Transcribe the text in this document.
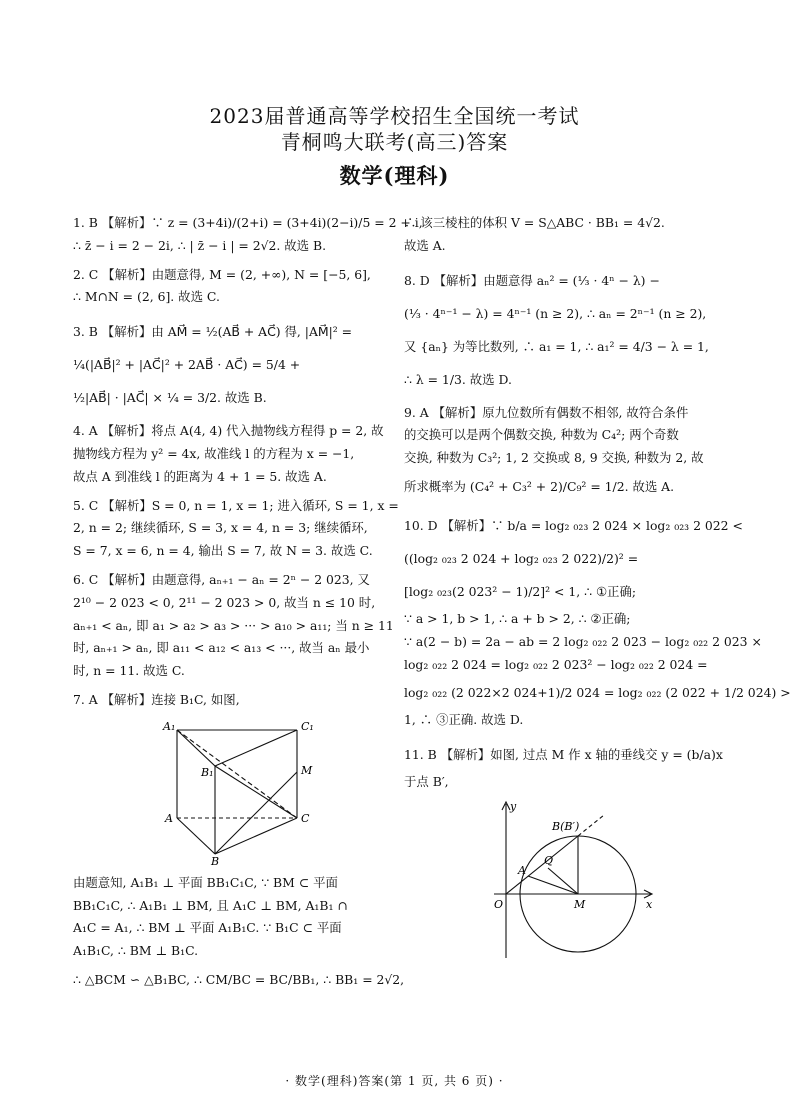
2023届普通高等学校招生全国统一考试
青桐鸣大联考(高三)答案
数学(理科)
1. B 【解析】∵ z = (3+4i)/(2+i) = (3+4i)(2−i)/5 = 2 + i,
∴ z̄ − i = 2 − 2i, ∴ | z̄ − i | = 2√2. 故选 B.
2. C 【解析】由题意得, M = (2, +∞), N = [−5, 6],
∴ M∩N = (2, 6]. 故选 C.
3. B 【解析】由 AM⃗ = ½(AB⃗ + AC⃗) 得, |AM⃗|² =
¼(|AB⃗|² + |AC⃗|² + 2AB⃗ · AC⃗) = 5/4 +
½|AB⃗| · |AC⃗| × ¼ = 3/2. 故选 B.
4. A 【解析】将点 A(4, 4) 代入抛物线方程得 p = 2, 故
抛物线方程为 y² = 4x, 故准线 l 的方程为 x = −1,
故点 A 到准线 l 的距离为 4 + 1 = 5. 故选 A.
5. C 【解析】S = 0, n = 1, x = 1; 进入循环, S = 1, x =
2, n = 2; 继续循环, S = 3, x = 4, n = 3; 继续循环,
S = 7, x = 6, n = 4, 输出 S = 7, 故 N = 3. 故选 C.
6. C 【解析】由题意得, aₙ₊₁ − aₙ = 2ⁿ − 2 023, 又
2¹⁰ − 2 023 < 0, 2¹¹ − 2 023 > 0, 故当 n ≤ 10 时,
aₙ₊₁ < aₙ, 即 a₁ > a₂ > a₃ > ··· > a₁₀ > a₁₁; 当 n ≥ 11
时, aₙ₊₁ > aₙ, 即 a₁₁ < a₁₂ < a₁₃ < ···, 故当 aₙ 最小
时, n = 11. 故选 C.
7. A 【解析】连接 B₁C, 如图,
A₁	C₁
B₁	M
A	C
B
由题意知, A₁B₁ ⊥ 平面 BB₁C₁C, ∵ BM ⊂ 平面
BB₁C₁C, ∴ A₁B₁ ⊥ BM, 且 A₁C ⊥ BM, A₁B₁ ∩
A₁C = A₁, ∴ BM ⊥ 平面 A₁B₁C. ∵ B₁C ⊂ 平面
A₁B₁C, ∴ BM ⊥ B₁C.
∴ △BCM ∽ △B₁BC, ∴ CM/BC = BC/BB₁, ∴ BB₁ = 2√2,
∴ 该三棱柱的体积 V = S△ABC · BB₁ = 4√2.
故选 A.
8. D 【解析】由题意得 aₙ² = (⅓ · 4ⁿ − λ) −
(⅓ · 4ⁿ⁻¹ − λ) = 4ⁿ⁻¹ (n ≥ 2), ∴ aₙ = 2ⁿ⁻¹ (n ≥ 2),
又 {aₙ} 为等比数列, ∴ a₁ = 1, ∴ a₁² = 4/3 − λ = 1,
∴ λ = 1/3. 故选 D.
9. A 【解析】原九位数所有偶数不相邻, 故符合条件
的交换可以是两个偶数交换, 种数为 C₄²; 两个奇数
交换, 种数为 C₃²; 1, 2 交换或 8, 9 交换, 种数为 2, 故
所求概率为 (C₄² + C₃² + 2)/C₉² = 1/2. 故选 A.
10. D 【解析】∵ b/a = log₂ ₀₂₃ 2 024 × log₂ ₀₂₃ 2 022 <
((log₂ ₀₂₃ 2 024 + log₂ ₀₂₃ 2 022)/2)² =
[log₂ ₀₂₃(2 023² − 1)/2]² < 1, ∴ ①正确;
∵ a > 1, b > 1, ∴ a + b > 2, ∴ ②正确;
∵ a(2 − b) = 2a − ab = 2 log₂ ₀₂₂ 2 023 − log₂ ₀₂₂ 2 023 ×
log₂ ₀₂₂ 2 024 = log₂ ₀₂₂ 2 023² − log₂ ₀₂₂ 2 024 =
log₂ ₀₂₂ (2 022×2 024+1)/2 024 = log₂ ₀₂₂ (2 022 + 1/2 024) >
1, ∴ ③正确. 故选 D.
11. B 【解析】如图, 过点 M 作 x 轴的垂线交 y = (b/a)x
于点 B′,
y
x
O
A
Q
M
B(B′)
· 数学(理科)答案(第 1 页, 共 6 页) ·
